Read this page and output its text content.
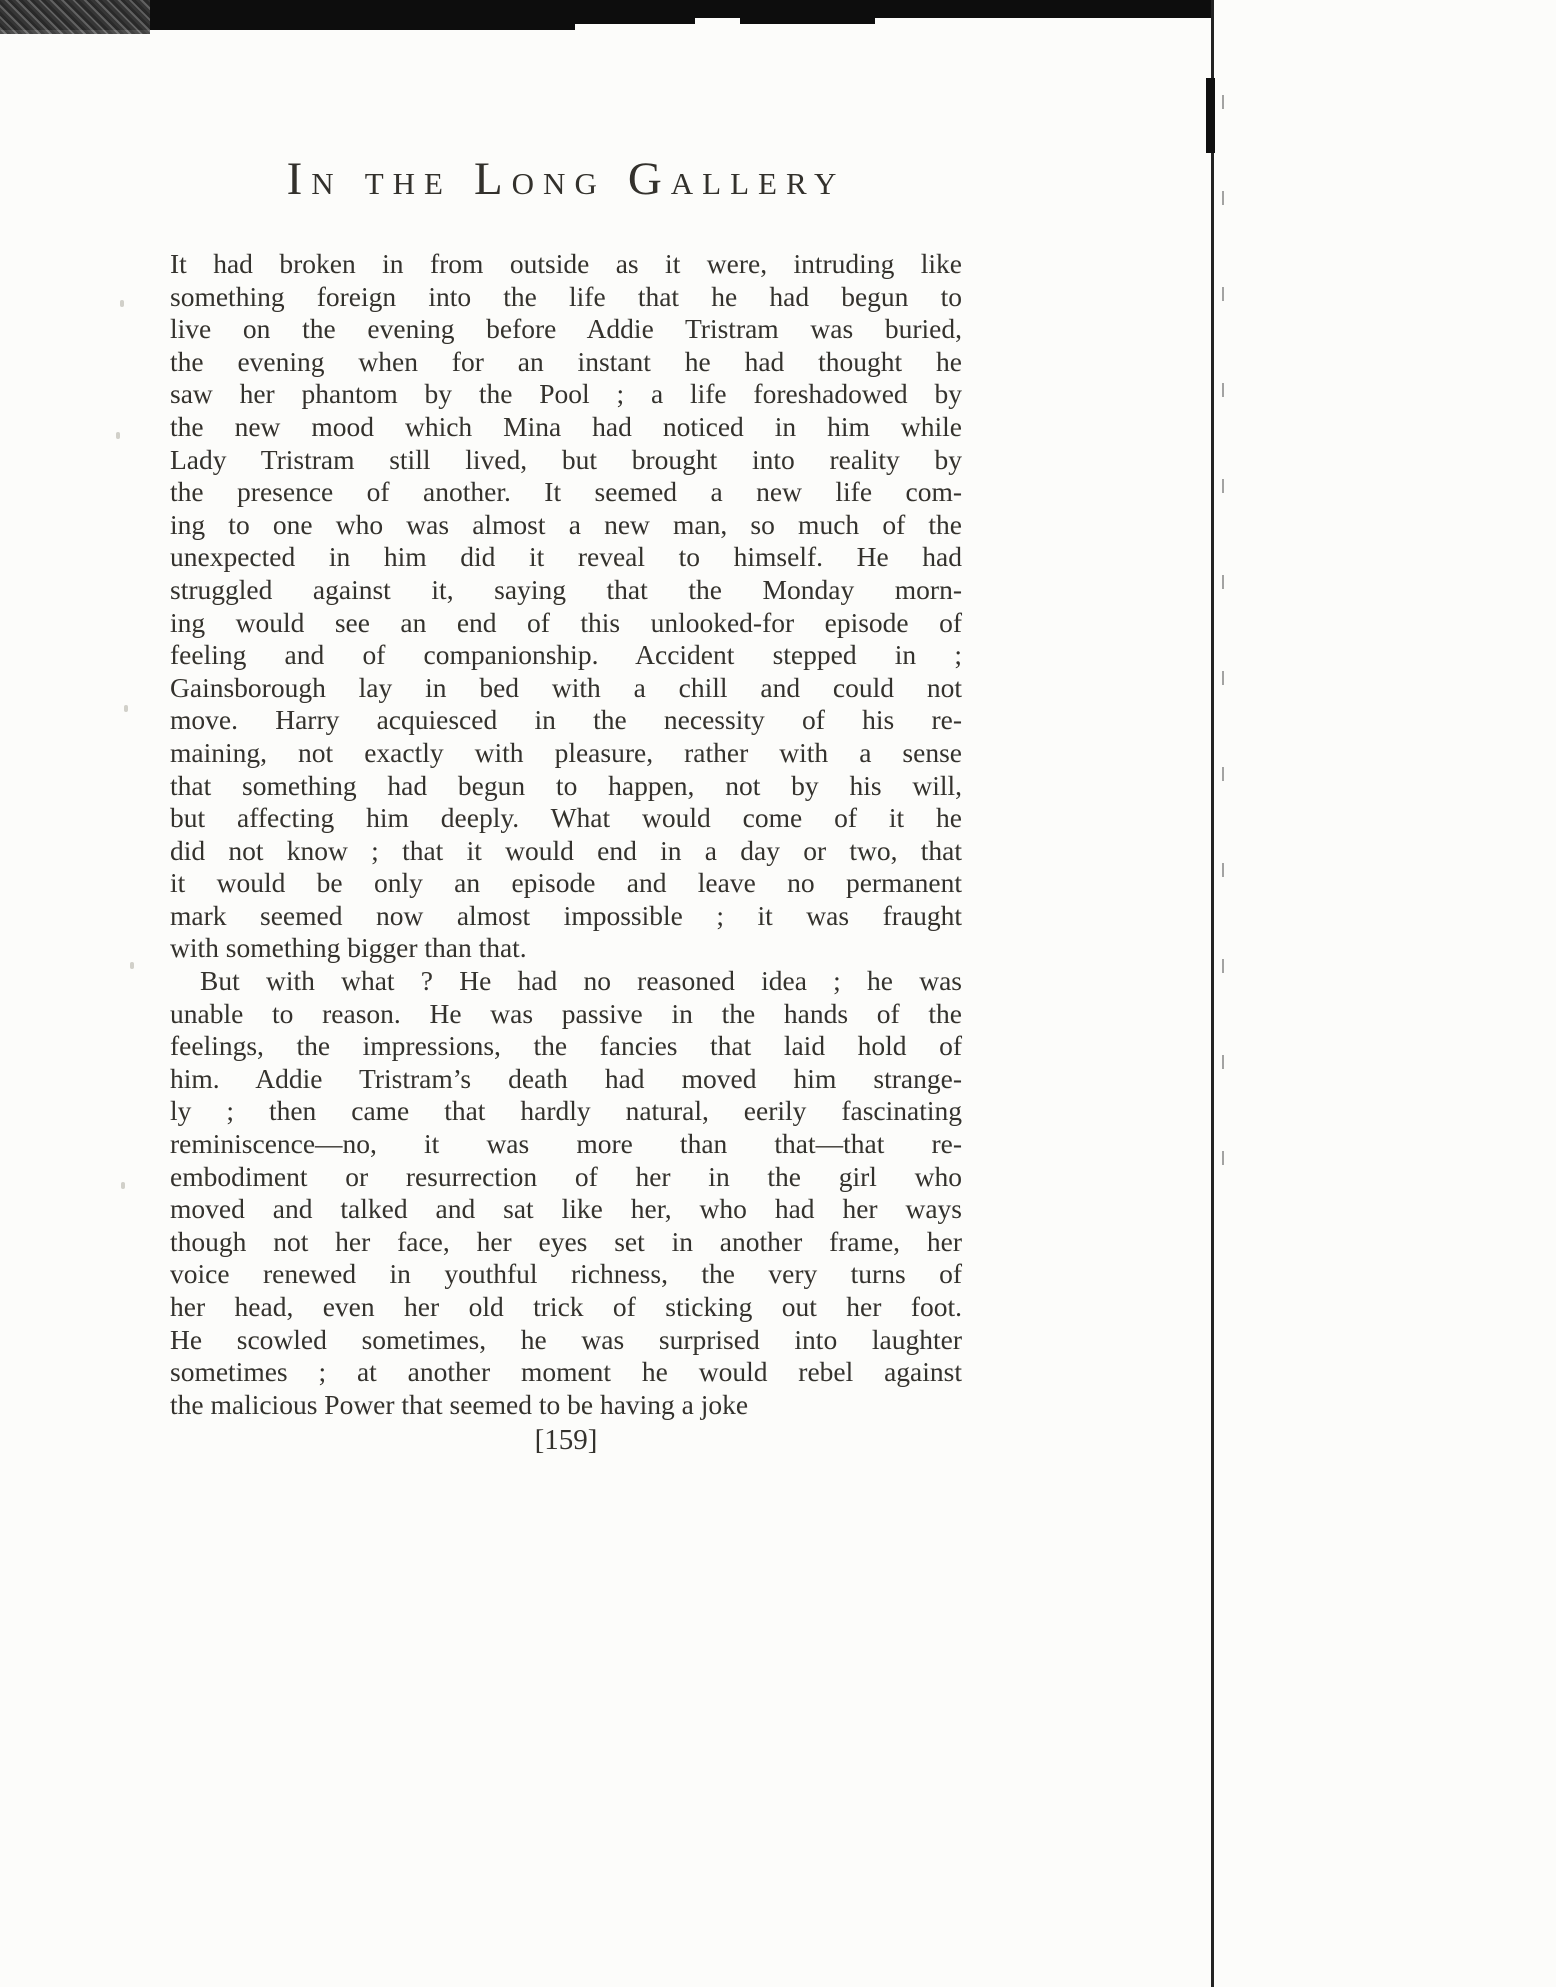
IN THE LONG GALLERY
It had broken in from outside as it were, intruding like
something foreign into the life that he had begun to
live on the evening before Addie Tristram was buried,
the evening when for an instant he had thought he
saw her phantom by the Pool ; a life foreshadowed by
the new mood which Mina had noticed in him while
Lady Tristram still lived, but brought into reality by
the presence of another. It seemed a new life com-
ing to one who was almost a new man, so much of the
unexpected in him did it reveal to himself. He had
struggled against it, saying that the Monday morn-
ing would see an end of this unlooked-for episode of
feeling and of companionship. Accident stepped in ;
Gainsborough lay in bed with a chill and could not
move. Harry acquiesced in the necessity of his re-
maining, not exactly with pleasure, rather with a sense
that something had begun to happen, not by his will,
but affecting him deeply. What would come of it he
did not know ; that it would end in a day or two, that
it would be only an episode and leave no permanent
mark seemed now almost impossible ; it was fraught
with something bigger than that.
But with what ? He had no reasoned idea ; he was
unable to reason. He was passive in the hands of the
feelings, the impressions, the fancies that laid hold of
him. Addie Tristram’s death had moved him strange-
ly ; then came that hardly natural, eerily fascinating
reminiscence—no, it was more than that—that re-
embodiment or resurrection of her in the girl who
moved and talked and sat like her, who had her ways
though not her face, her eyes set in another frame, her
voice renewed in youthful richness, the very turns of
her head, even her old trick of sticking out her foot.
He scowled sometimes, he was surprised into laughter
sometimes ; at another moment he would rebel against
the malicious Power that seemed to be having a joke
[159]
